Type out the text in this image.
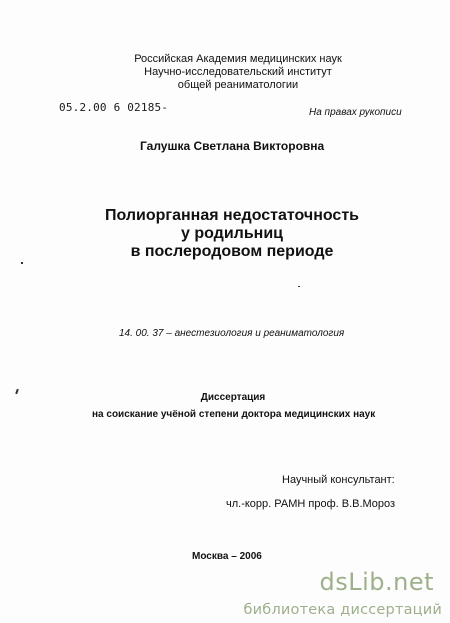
Российская Академия медицинских наук
Научно-исследовательский институт
общей реаниматологии
05.2.00 6 02185-	На правах рукописи
Галушка Светлана Викторовна
Полиорганная недостаточность
у родильниц
в послеродовом периоде
14. 00. 37 – анестезиология и реаниматология
Диссертация
на соискание учёной степени доктора медицинских наук
Научный консультант:
чл.-корр. РАМН проф. В.В.Мороз
Москва – 2006
dsLib.net
библиотека диссертаций
